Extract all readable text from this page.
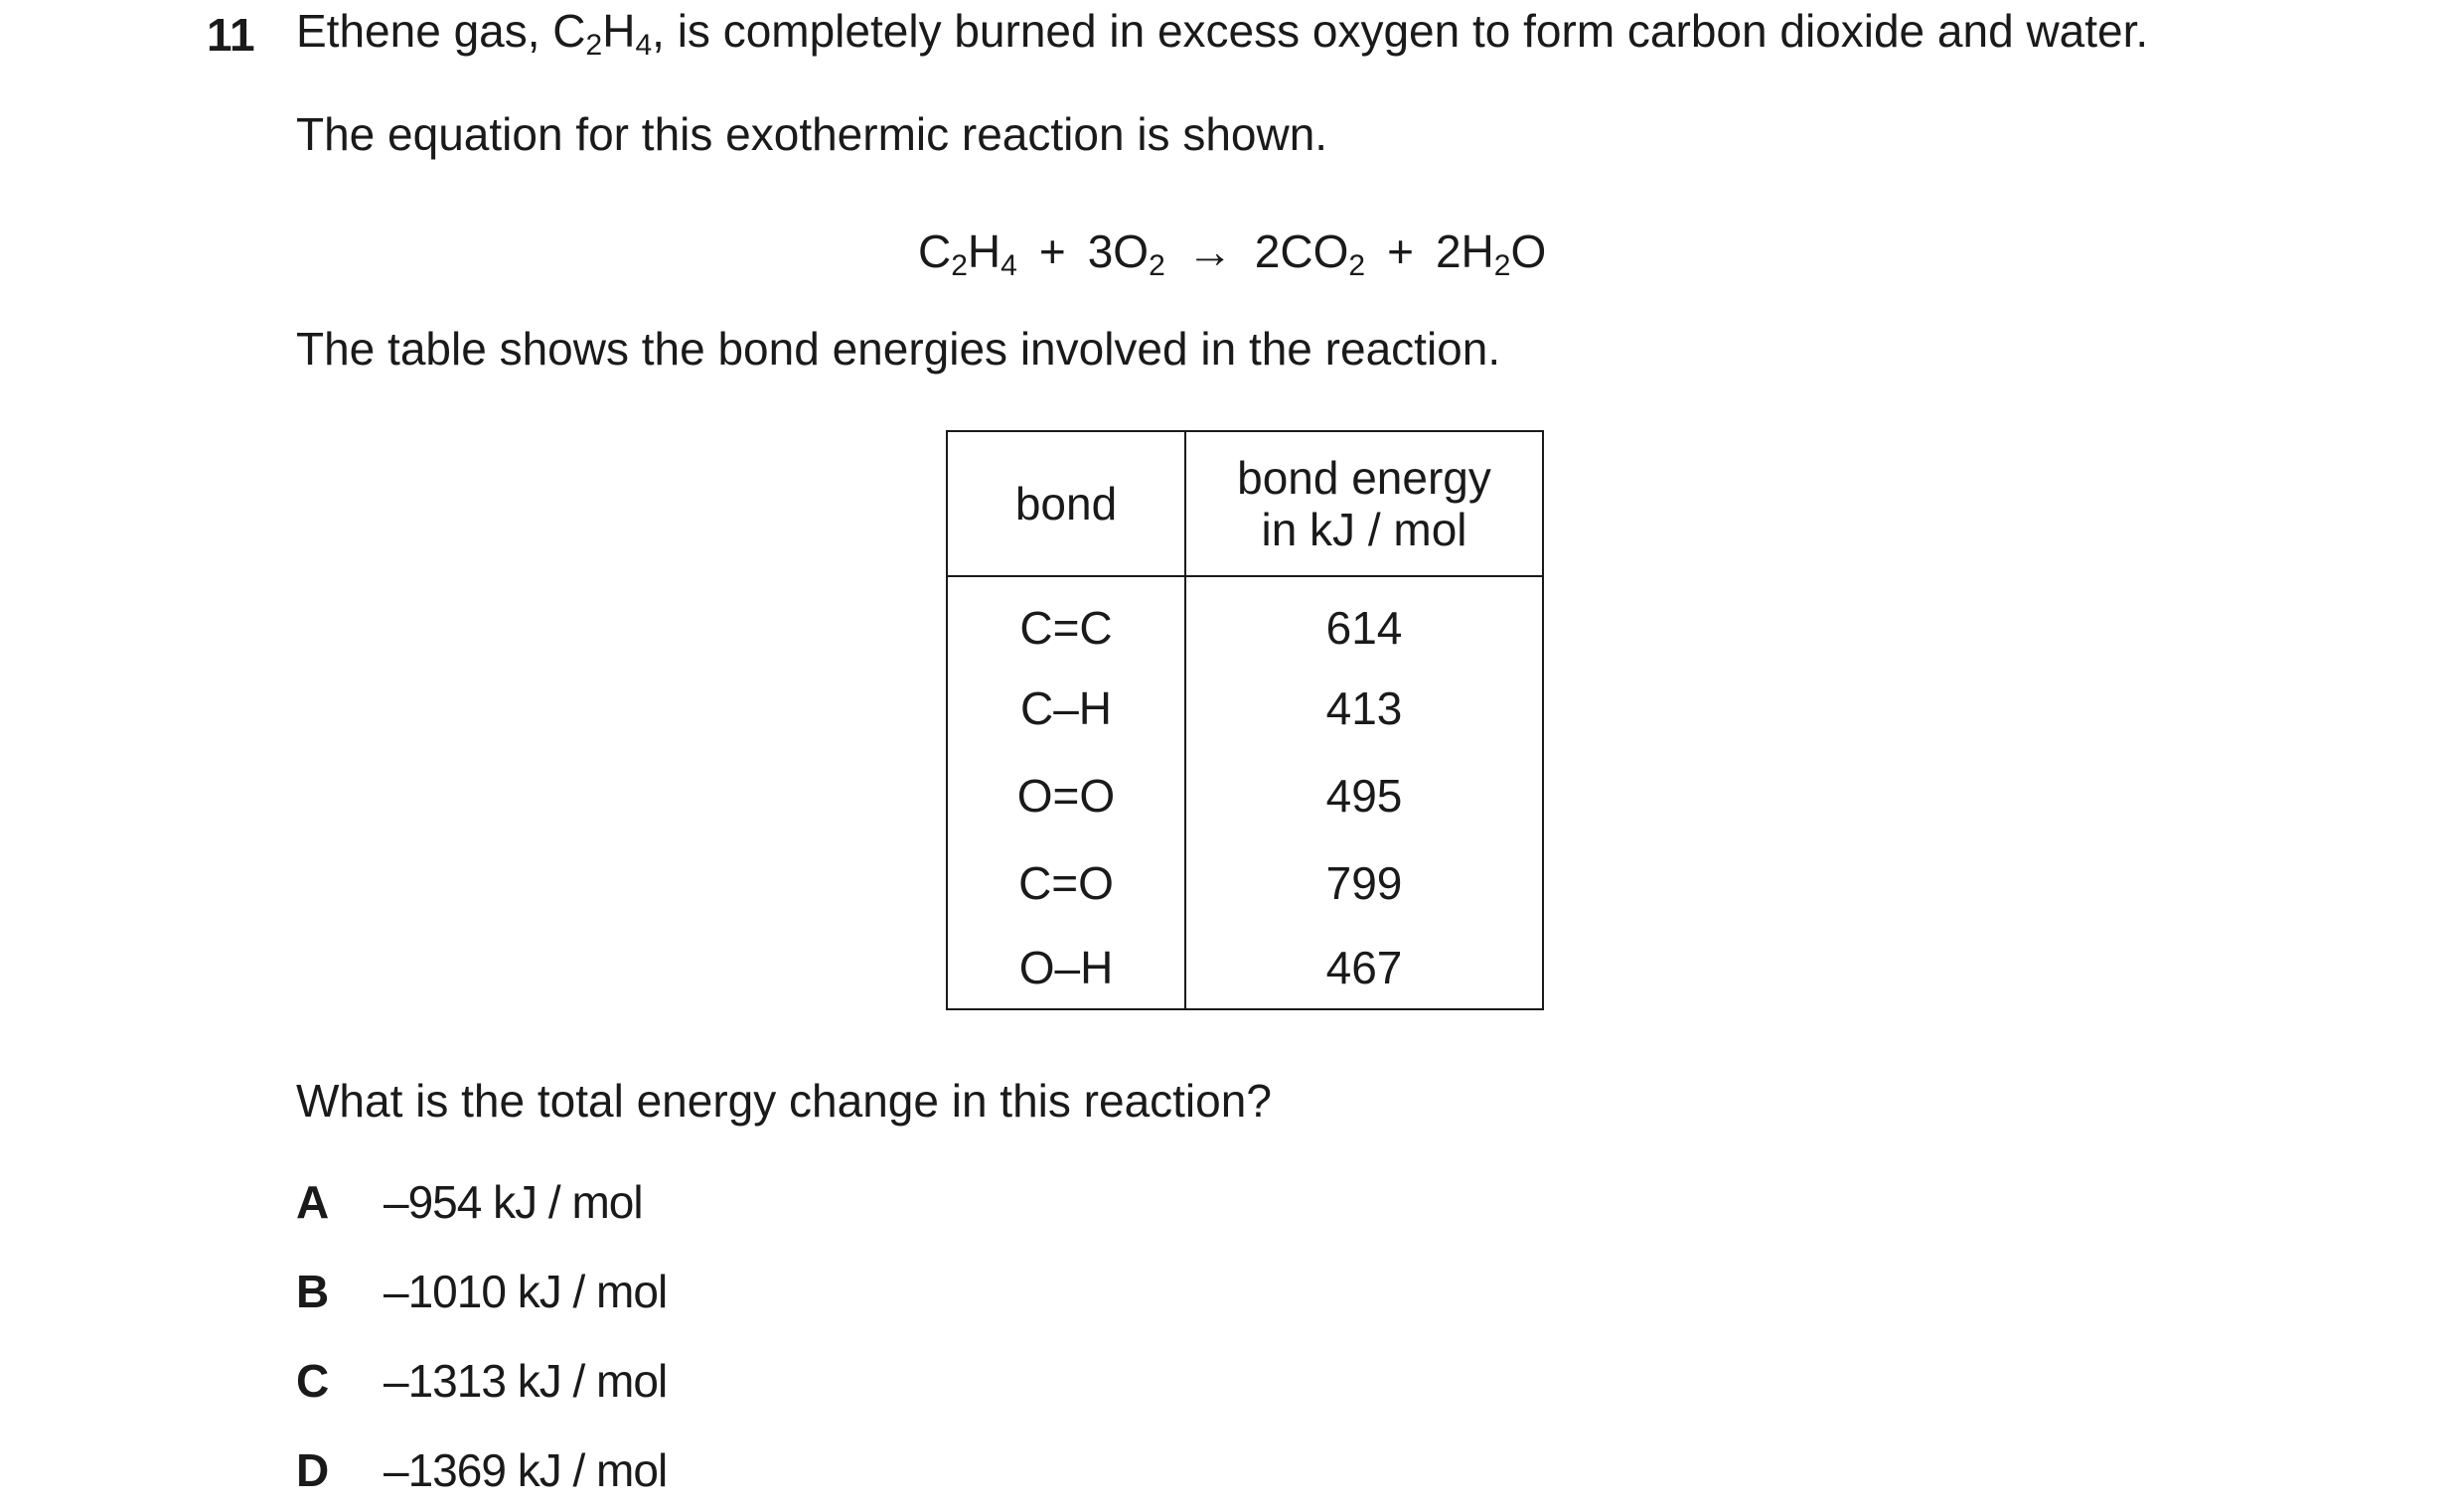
11 Ethene gas, $C_2H_4$, is completely burned in excess oxygen to form carbon dioxide and water.
The equation for this exothermic reaction is shown.
$C_2H_4 + 3O_2 \to 2CO_2 + 2H_2O$
The table shows the bond energies involved in the reaction.
bond	bond energy
in kJ / mol
C=C	614
C–H	413
O=O	495
C=O	799
O–H	467
What is the total energy change in this reaction?
A –954 kJ / mol
B –1010 kJ / mol
C –1313 kJ / mol
D –1369 kJ / mol
